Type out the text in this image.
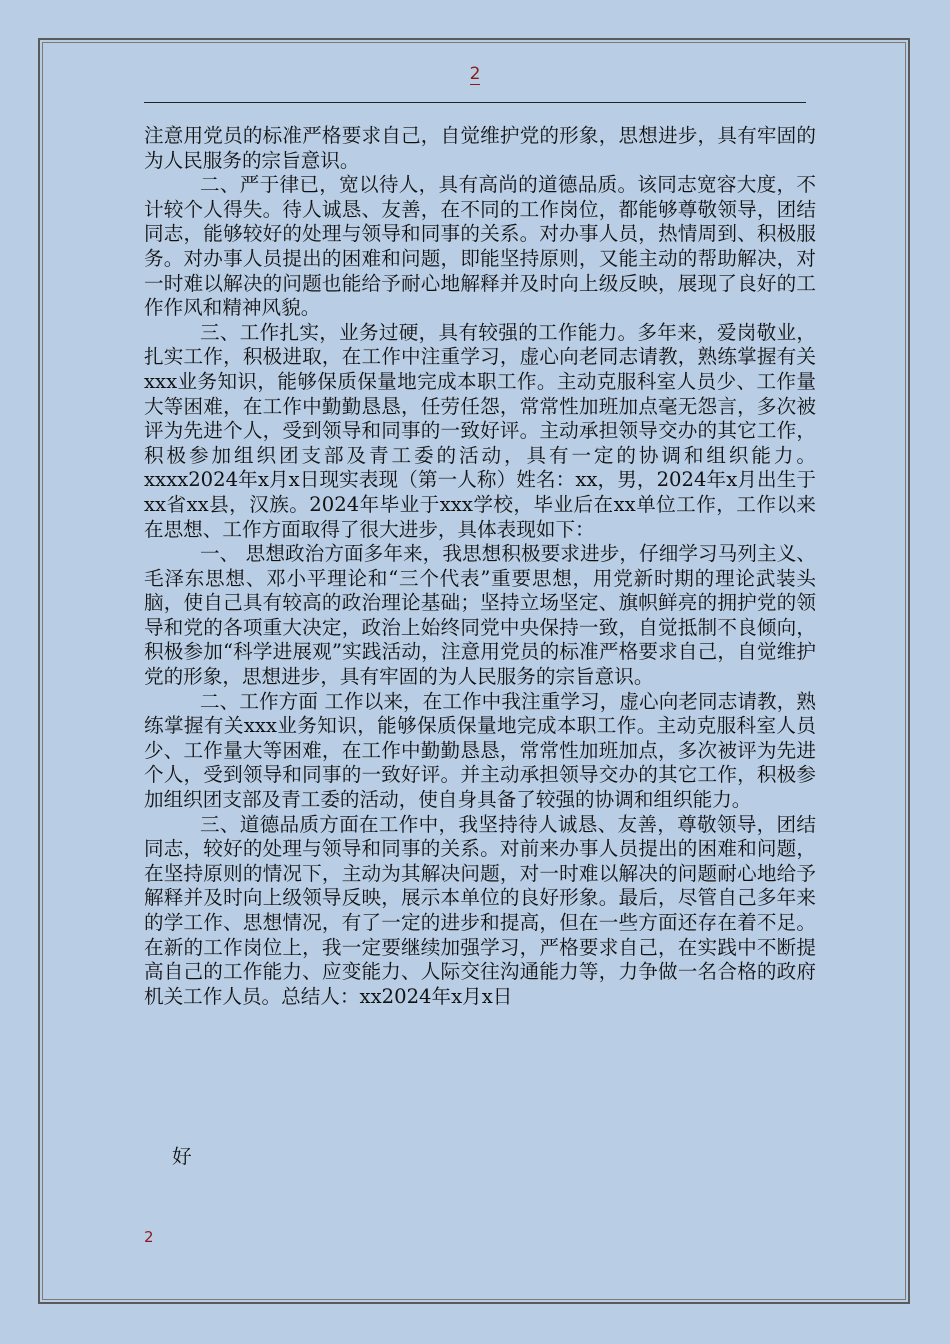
2

注意用党员的标准严格要求自己，自觉维护党的形象，思想进步，具有牢固的为人民服务的宗旨意识。

二、严于律已，宽以待人，具有高尚的道德品质。该同志宽容大度，不计较个人得失。待人诚恳、友善，在不同的工作岗位，都能够尊敬领导，团结同志，能够较好的处理与领导和同事的关系。对办事人员，热情周到、积极服务。对办事人员提出的困难和问题，即能坚持原则，又能主动的帮助解决，对一时难以解决的问题也能给予耐心地解释并及时向上级反映，展现了良好的工作作风和精神风貌。

三、工作扎实，业务过硬，具有较强的工作能力。多年来，爱岗敬业，扎实工作，积极进取，在工作中注重学习，虚心向老同志请教，熟练掌握有关xxx业务知识，能够保质保量地完成本职工作。主动克服科室人员少、工作量大等困难，在工作中勤勤恳恳，任劳任怨，常常性加班加点毫无怨言，多次被评为先进个人，受到领导和同事的一致好评。主动承担领导交办的其它工作，积极参加组织团支部及青工委的活动，具有一定的协调和组织能力。xxxx2024年x月x日现实表现（第一人称）姓名：xx，男，2024年x月出生于xx省xx县，汉族。2024年毕业于xxx学校，毕业后在xx单位工作，工作以来在思想、工作方面取得了很大进步，具体表现如下：

一、 思想政治方面多年来，我思想积极要求进步，仔细学习马列主义、毛泽东思想、邓小平理论和“三个代表”重要思想，用党新时期的理论武装头脑，使自己具有较高的政治理论基础；坚持立场坚定、旗帜鲜亮的拥护党的领导和党的各项重大决定，政治上始终同党中央保持一致，自觉抵制不良倾向，积极参加“科学进展观”实践活动，注意用党员的标准严格要求自己，自觉维护党的形象，思想进步，具有牢固的为人民服务的宗旨意识。

二、工作方面 工作以来，在工作中我注重学习，虚心向老同志请教，熟练掌握有关xxx业务知识，能够保质保量地完成本职工作。主动克服科室人员少、工作量大等困难，在工作中勤勤恳恳，常常性加班加点，多次被评为先进个人，受到领导和同事的一致好评。并主动承担领导交办的其它工作，积极参加组织团支部及青工委的活动，使自身具备了较强的协调和组织能力。

三、道德品质方面在工作中，我坚持待人诚恳、友善，尊敬领导，团结同志，较好的处理与领导和同事的关系。对前来办事人员提出的困难和问题，在坚持原则的情况下，主动为其解决问题，对一时难以解决的问题耐心地给予解释并及时向上级领导反映，展示本单位的良好形象。最后，尽管自己多年来的学工作、思想情况，有了一定的进步和提高，但在一些方面还存在着不足。在新的工作岗位上，我一定要继续加强学习，严格要求自己，在实践中不断提高自己的工作能力、应变能力、人际交往沟通能力等，力争做一名合格的政府机关工作人员。总结人：xx2024年x月x日

好
2
